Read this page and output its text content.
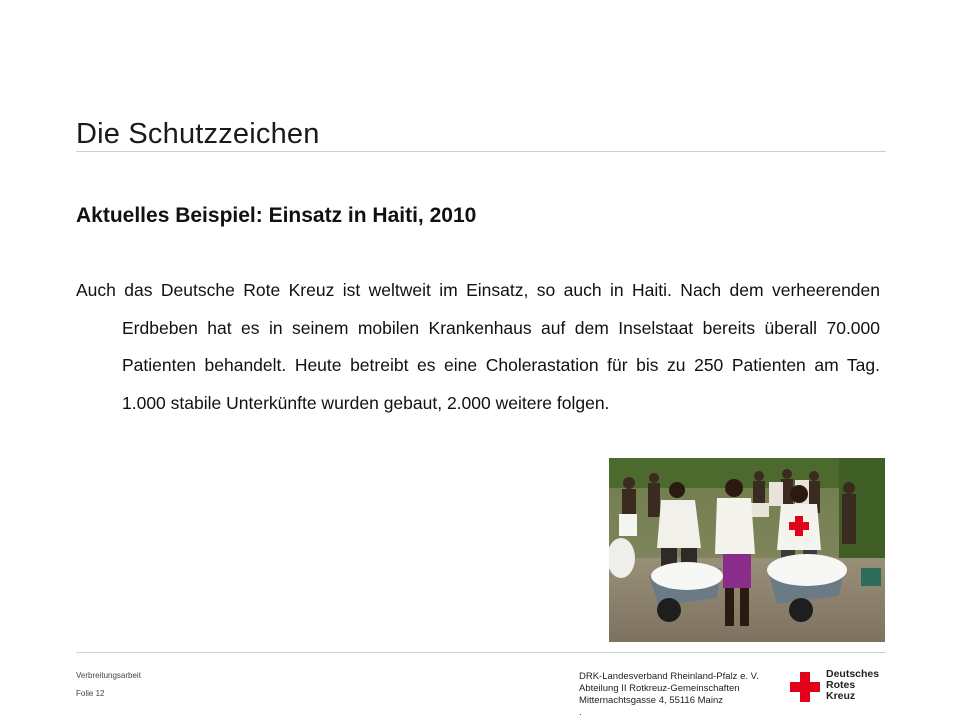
Die Schutzzeichen
Aktuelles Beispiel: Einsatz in Haiti, 2010
Auch das Deutsche Rote Kreuz ist weltweit im Einsatz, so auch in Haiti. Nach dem verheerenden Erdbeben hat es in seinem mobilen Krankenhaus auf dem Inselstaat bereits überall 70.000 Patienten behandelt. Heute betreibt es eine Cholerastation für bis zu 250 Patienten am Tag. 1.000 stabile Unterkünfte wurden gebaut, 2.000 weitere folgen.
Verbreitungsarbeit
Folie 12
DRK-Landesverband Rheinland-Pfalz e. V.
Abteilung II Rotkreuz-Gemeinschaften
Mitternachtsgasse 4, 55116 Mainz
.
Deutsches
Rotes
Kreuz
